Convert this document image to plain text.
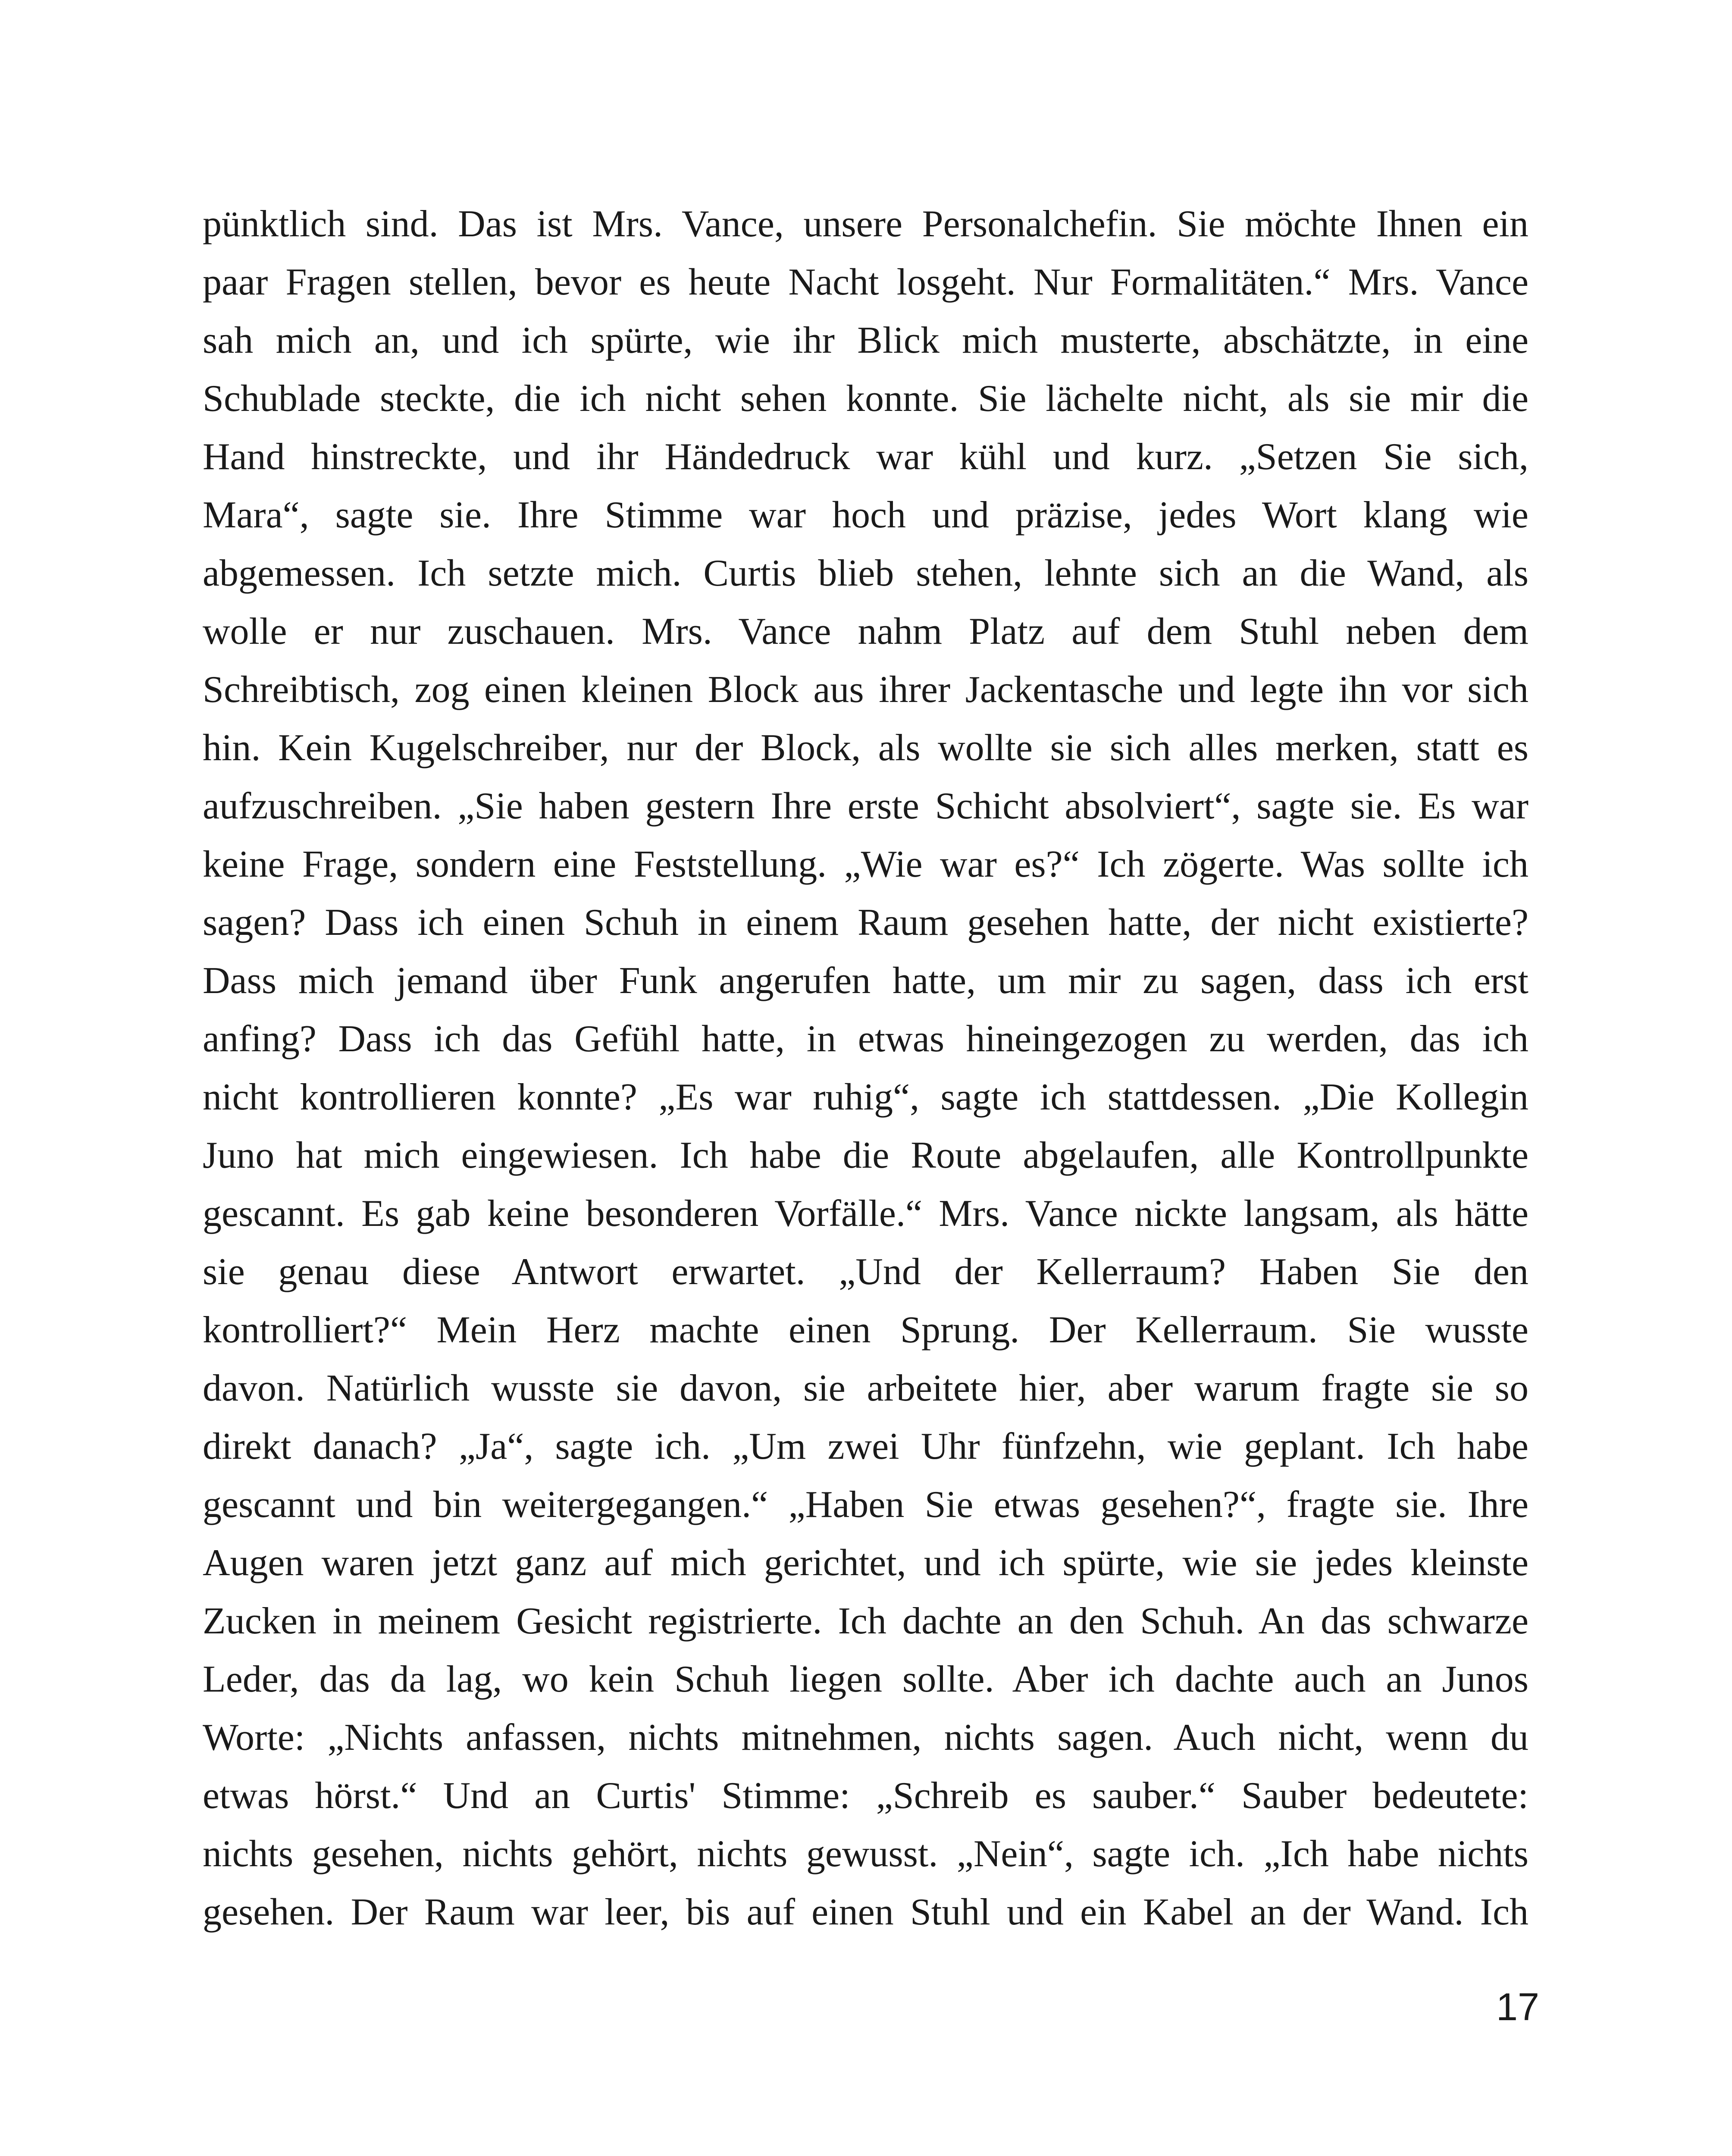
pünktlich sind. Das ist Mrs. Vance, unsere Personalchefin. Sie möchte Ihnen ein
paar Fragen stellen, bevor es heute Nacht losgeht. Nur Formalitäten.“ Mrs. Vance
sah mich an, und ich spürte, wie ihr Blick mich musterte, abschätzte, in eine
Schublade steckte, die ich nicht sehen konnte. Sie lächelte nicht, als sie mir die
Hand hinstreckte, und ihr Händedruck war kühl und kurz. „Setzen Sie sich,
Mara“, sagte sie. Ihre Stimme war hoch und präzise, jedes Wort klang wie
abgemessen. Ich setzte mich. Curtis blieb stehen, lehnte sich an die Wand, als
wolle er nur zuschauen. Mrs. Vance nahm Platz auf dem Stuhl neben dem
Schreibtisch, zog einen kleinen Block aus ihrer Jackentasche und legte ihn vor sich
hin. Kein Kugelschreiber, nur der Block, als wollte sie sich alles merken, statt es
aufzuschreiben. „Sie haben gestern Ihre erste Schicht absolviert“, sagte sie. Es war
keine Frage, sondern eine Feststellung. „Wie war es?“ Ich zögerte. Was sollte ich
sagen? Dass ich einen Schuh in einem Raum gesehen hatte, der nicht existierte?
Dass mich jemand über Funk angerufen hatte, um mir zu sagen, dass ich erst
anfing? Dass ich das Gefühl hatte, in etwas hineingezogen zu werden, das ich
nicht kontrollieren konnte? „Es war ruhig“, sagte ich stattdessen. „Die Kollegin
Juno hat mich eingewiesen. Ich habe die Route abgelaufen, alle Kontrollpunkte
gescannt. Es gab keine besonderen Vorfälle.“ Mrs. Vance nickte langsam, als hätte
sie genau diese Antwort erwartet. „Und der Kellerraum? Haben Sie den
kontrolliert?“ Mein Herz machte einen Sprung. Der Kellerraum. Sie wusste
davon. Natürlich wusste sie davon, sie arbeitete hier, aber warum fragte sie so
direkt danach? „Ja“, sagte ich. „Um zwei Uhr fünfzehn, wie geplant. Ich habe
gescannt und bin weitergegangen.“ „Haben Sie etwas gesehen?“, fragte sie. Ihre
Augen waren jetzt ganz auf mich gerichtet, und ich spürte, wie sie jedes kleinste
Zucken in meinem Gesicht registrierte. Ich dachte an den Schuh. An das schwarze
Leder, das da lag, wo kein Schuh liegen sollte. Aber ich dachte auch an Junos
Worte: „Nichts anfassen, nichts mitnehmen, nichts sagen. Auch nicht, wenn du
etwas hörst.“ Und an Curtis' Stimme: „Schreib es sauber.“ Sauber bedeutete:
nichts gesehen, nichts gehört, nichts gewusst. „Nein“, sagte ich. „Ich habe nichts
gesehen. Der Raum war leer, bis auf einen Stuhl und ein Kabel an der Wand. Ich
17
